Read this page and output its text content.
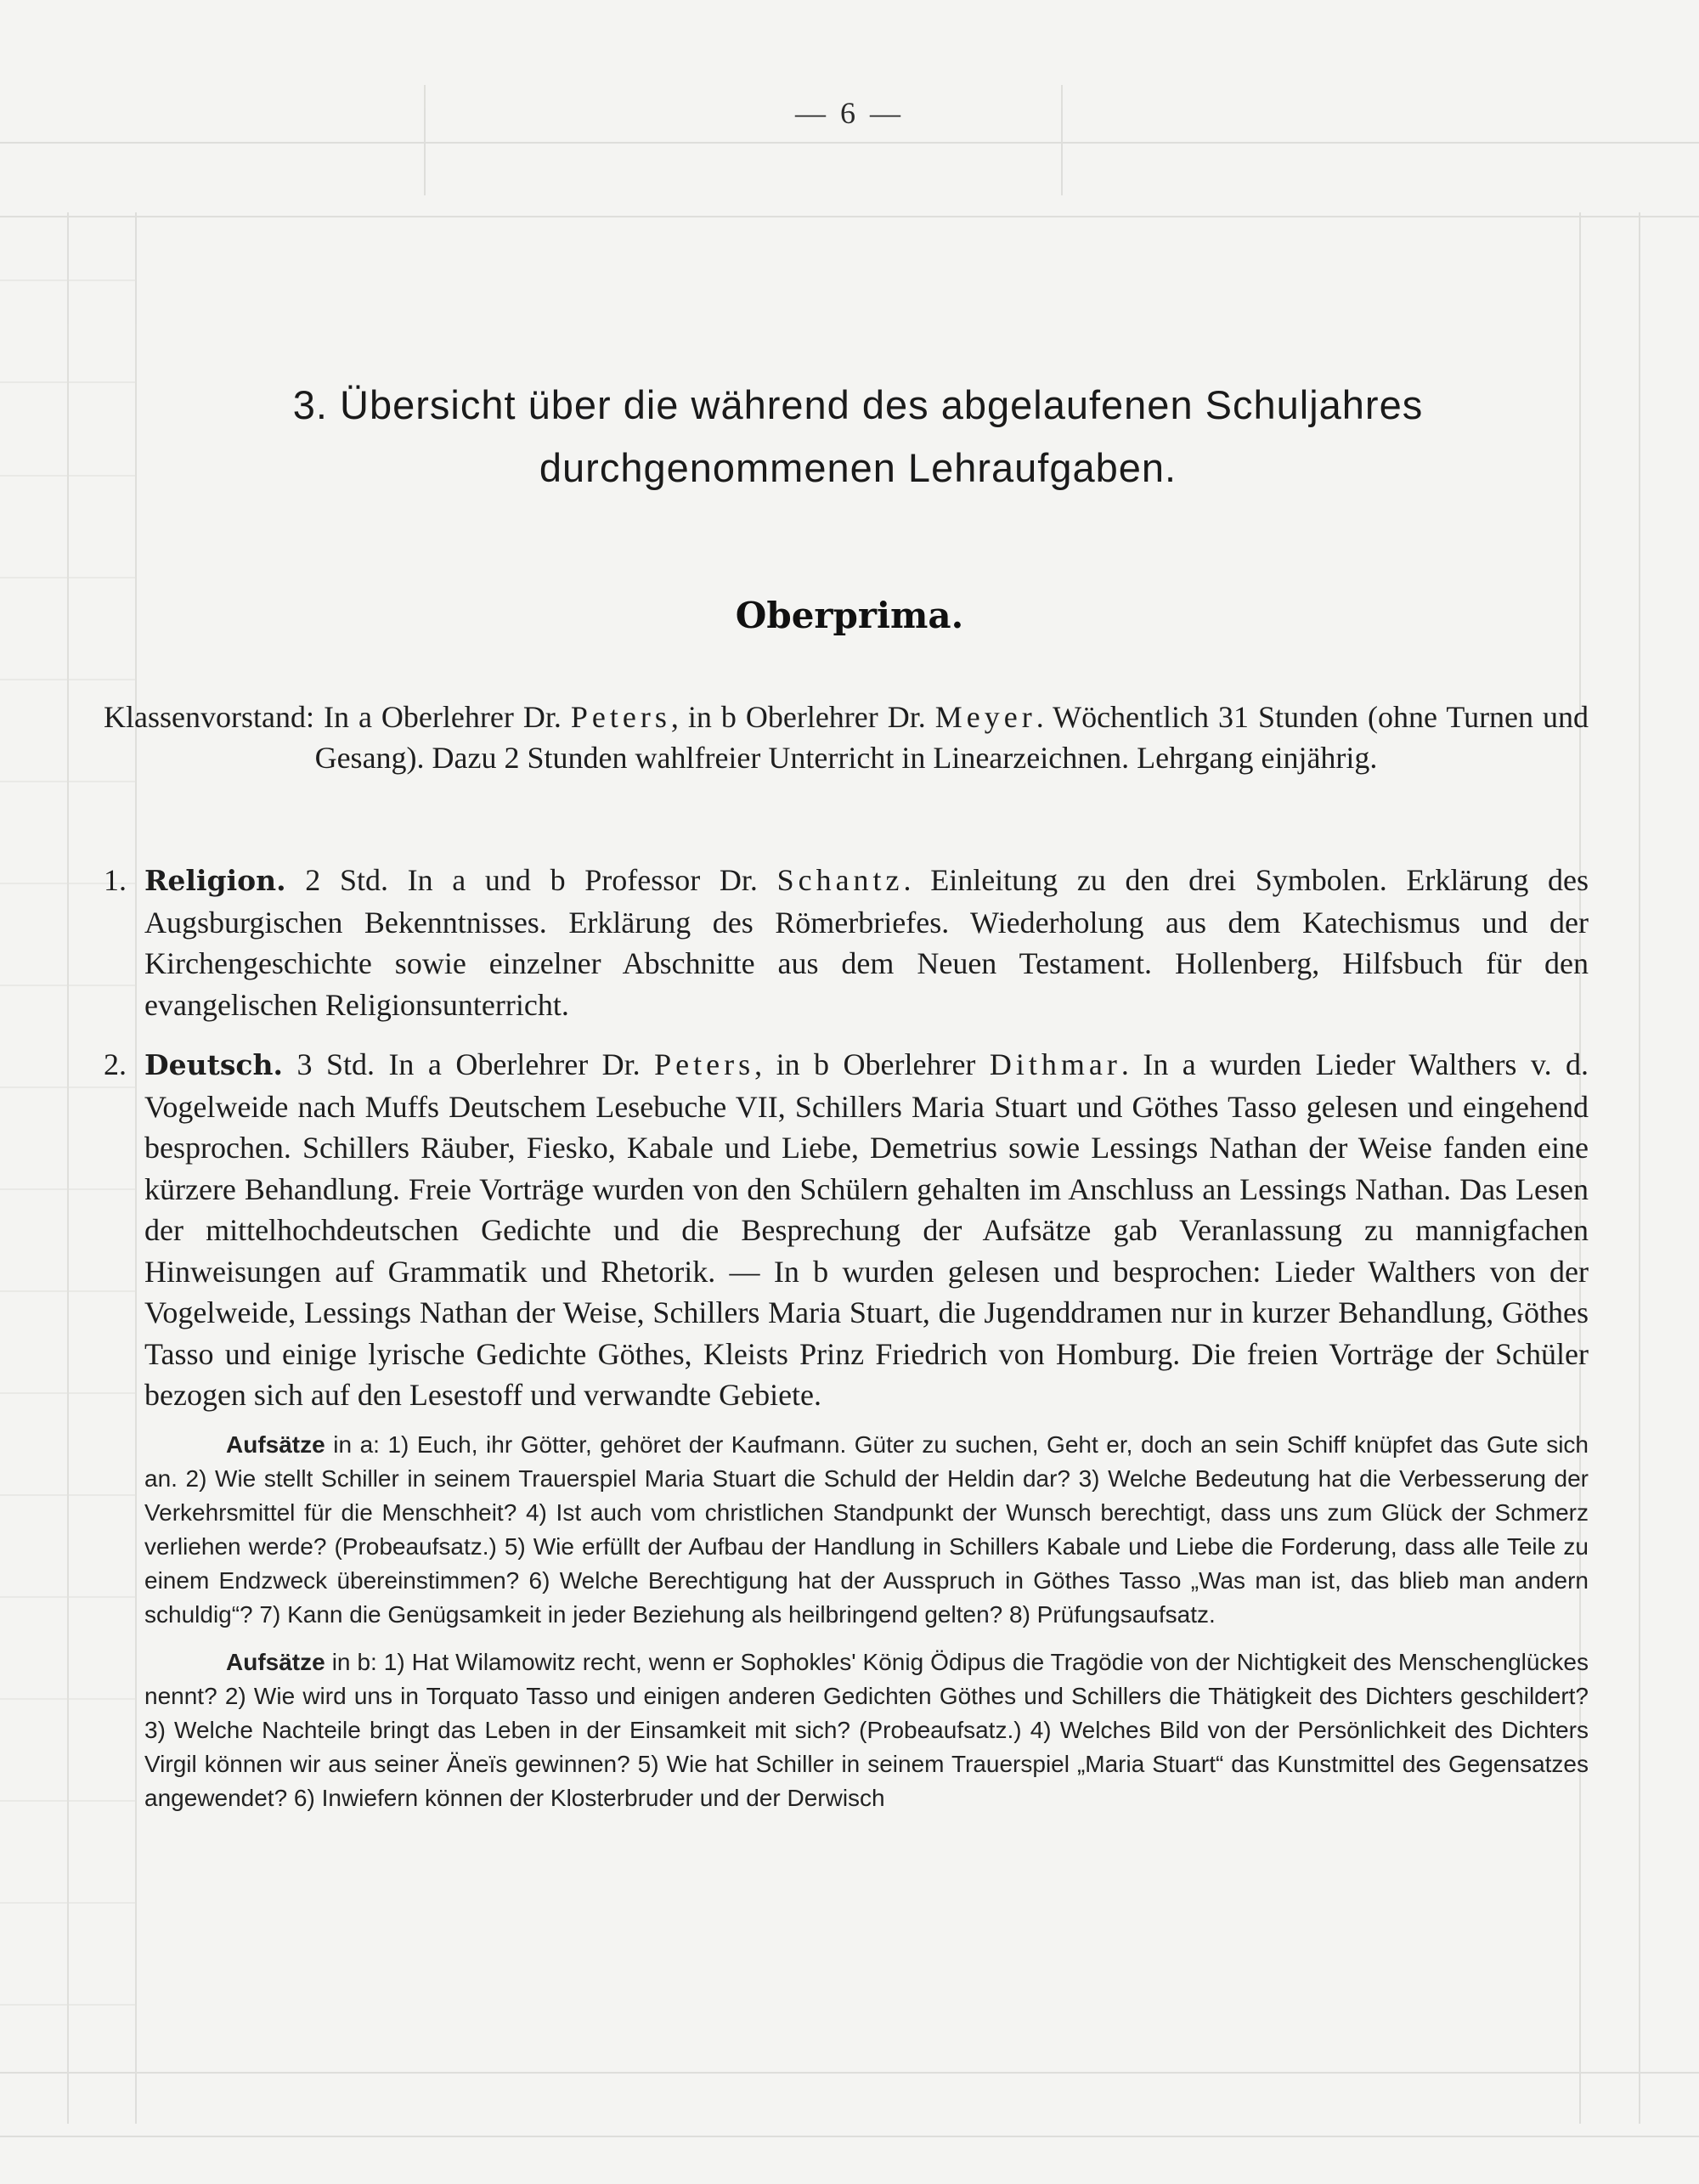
— 6 —
3. Übersicht über die während des abgelaufenen Schuljahres durchgenommenen Lehraufgaben.
Oberprima.
Klassenvorstand: In a Oberlehrer Dr. Peters, in b Oberlehrer Dr. Meyer. Wöchentlich 31 Stunden (ohne Turnen und Gesang). Dazu 2 Stunden wahlfreier Unterricht in Linearzeichnen. Lehrgang einjährig.

1. Religion. 2 Std. In a und b Professor Dr. Schantz. Einleitung zu den drei Symbolen. Erklärung des Augsburgischen Bekenntnisses. Erklärung des Römerbriefes. Wiederholung aus dem Katechismus und der Kirchengeschichte sowie einzelner Abschnitte aus dem Neuen Testament. Hollenberg, Hilfsbuch für den evangelischen Religionsunterricht.

2. Deutsch. 3 Std. In a Oberlehrer Dr. Peters, in b Oberlehrer Dithmar. In a wurden Lieder Walthers v. d. Vogelweide nach Muffs Deutschem Lesebuche VII, Schillers Maria Stuart und Göthes Tasso gelesen und eingehend besprochen. Schillers Räuber, Fiesko, Kabale und Liebe, Demetrius sowie Lessings Nathan der Weise fanden eine kürzere Behandlung. Freie Vorträge wurden von den Schülern gehalten im Anschluss an Lessings Nathan. Das Lesen der mittelhochdeutschen Gedichte und die Besprechung der Aufsätze gab Veranlassung zu mannigfachen Hinweisungen auf Grammatik und Rhetorik. — In b wurden gelesen und besprochen: Lieder Walthers von der Vogelweide, Lessings Nathan der Weise, Schillers Maria Stuart, die Jugenddramen nur in kurzer Behandlung, Göthes Tasso und einige lyrische Gedichte Göthes, Kleists Prinz Friedrich von Homburg. Die freien Vorträge der Schüler bezogen sich auf den Lesestoff und verwandte Gebiete.

Aufsätze in a: 1) Euch, ihr Götter, gehöret der Kaufmann. Güter zu suchen, Geht er, doch an sein Schiff knüpfet das Gute sich an. 2) Wie stellt Schiller in seinem Trauerspiel Maria Stuart die Schuld der Heldin dar? 3) Welche Bedeutung hat die Verbesserung der Verkehrsmittel für die Menschheit? 4) Ist auch vom christlichen Standpunkt der Wunsch berechtigt, dass uns zum Glück der Schmerz verliehen werde? (Probeaufsatz.) 5) Wie erfüllt der Aufbau der Handlung in Schillers Kabale und Liebe die Forderung, dass alle Teile zu einem Endzweck übereinstimmen? 6) Welche Berechtigung hat der Ausspruch in Göthes Tasso „Was man ist, das blieb man andern schuldig“? 7) Kann die Genügsamkeit in jeder Beziehung als heilbringend gelten? 8) Prüfungsaufsatz.

Aufsätze in b: 1) Hat Wilamowitz recht, wenn er Sophokles' König Ödipus die Tragödie von der Nichtigkeit des Menschenglückes nennt? 2) Wie wird uns in Torquato Tasso und einigen anderen Gedichten Göthes und Schillers die Thätigkeit des Dichters geschildert? 3) Welche Nachteile bringt das Leben in der Einsamkeit mit sich? (Probeaufsatz.) 4) Welches Bild von der Persönlichkeit des Dichters Virgil können wir aus seiner Äneïs gewinnen? 5) Wie hat Schiller in seinem Trauerspiel „Maria Stuart“ das Kunstmittel des Gegensatzes angewendet? 6) Inwiefern können der Klosterbruder und der Derwisch
